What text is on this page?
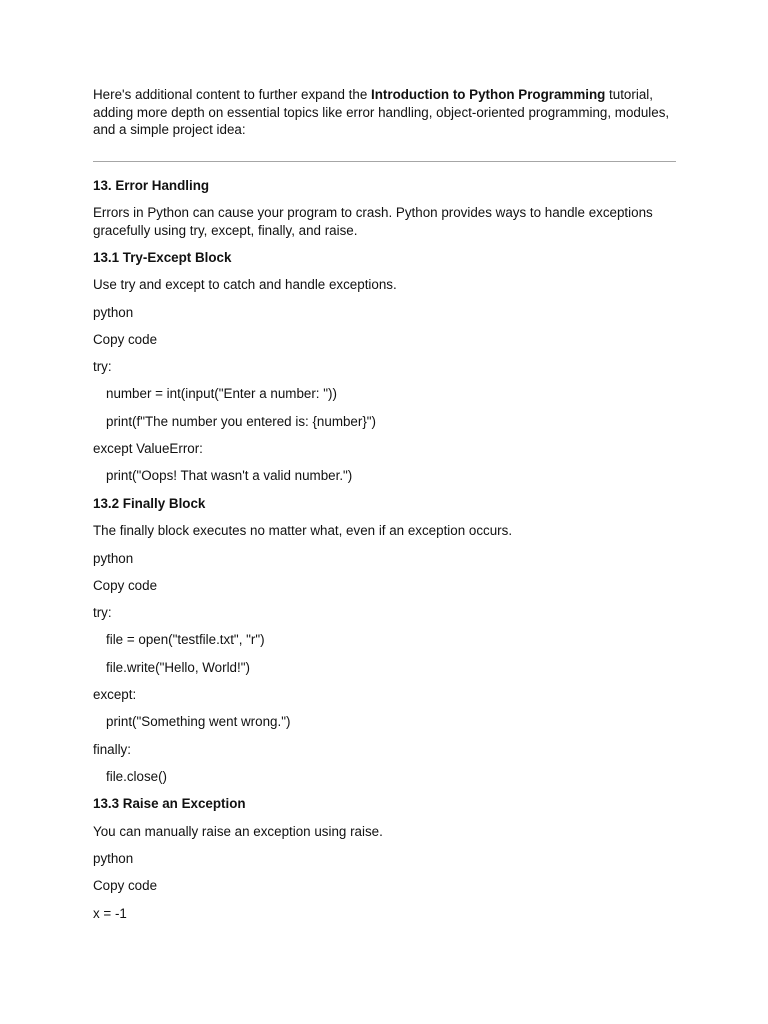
Here's additional content to further expand the Introduction to Python Programming tutorial, adding more depth on essential topics like error handling, object-oriented programming, modules, and a simple project idea:

13. Error Handling

Errors in Python can cause your program to crash. Python provides ways to handle exceptions

gracefully using try, except, finally, and raise.

13.1 Try-Except Block

Use try and except to catch and handle exceptions.

python

Copy code

try:

number = int(input("Enter a number: "))

print(f"The number you entered is: {number}")

except ValueError:

print("Oops! That wasn't a valid number.")

13.2 Finally Block

The finally block executes no matter what, even if an exception occurs.

python

Copy code

try:

file = open("testfile.txt", "r")

file.write("Hello, World!")

except:

print("Something went wrong.")

finally:

file.close()

13.3 Raise an Exception

You can manually raise an exception using raise.

python

Copy code

x = -1
